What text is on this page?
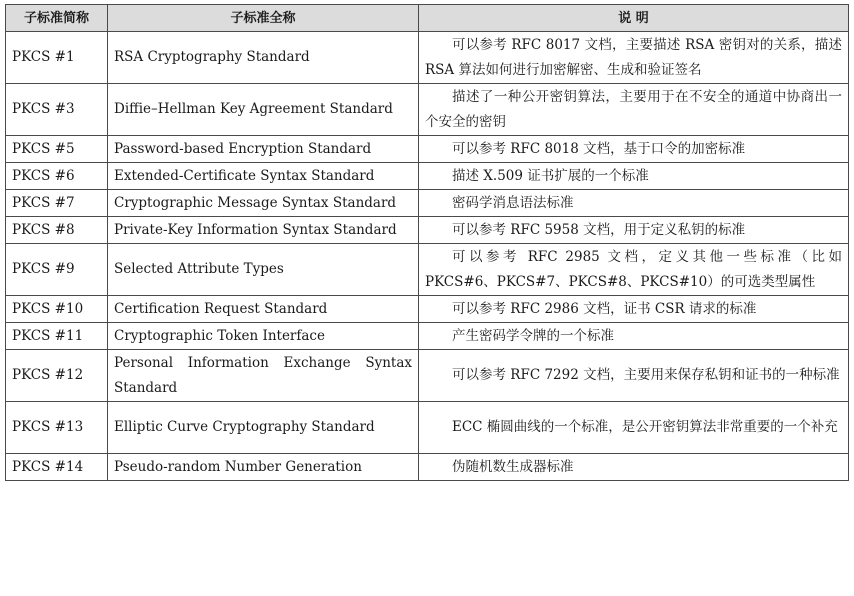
子标准简称	子标准全称	说 明
PKCS #1	RSA Cryptography Standard	可以参考 RFC 8017 文档，主要描述 RSA 密钥对的关系，描述 RSA 算法如何进行加密解密、生成和验证签名
PKCS #3	Diffie–Hellman Key Agreement Standard	描述了一种公开密钥算法，主要用于在不安全的通道中协商出一个安全的密钥
PKCS #5	Password-based Encryption Standard	可以参考 RFC 8018 文档，基于口令的加密标准
PKCS #6	Extended-Certificate Syntax Standard	描述 X.509 证书扩展的一个标准
PKCS #7	Cryptographic Message Syntax Standard	密码学消息语法标准
PKCS #8	Private-Key Information Syntax Standard	可以参考 RFC 5958 文档，用于定义私钥的标准
PKCS #9	Selected Attribute Types	可以参考 RFC 2985 文档，定义其他一些标准（比如 PKCS#6、PKCS#7、PKCS#8、PKCS#10）的可选类型属性
PKCS #10	Certification Request Standard	可以参考 RFC 2986 文档，证书 CSR 请求的标准
PKCS #11	Cryptographic Token Interface	产生密码学令牌的一个标准
PKCS #12	Personal Information Exchange Syntax Standard	可以参考 RFC 7292 文档，主要用来保存私钥和证书的一种标准
PKCS #13	Elliptic Curve Cryptography Standard	ECC 椭圆曲线的一个标准，是公开密钥算法非常重要的一个补充
PKCS #14	Pseudo-random Number Generation	伪随机数生成器标准
